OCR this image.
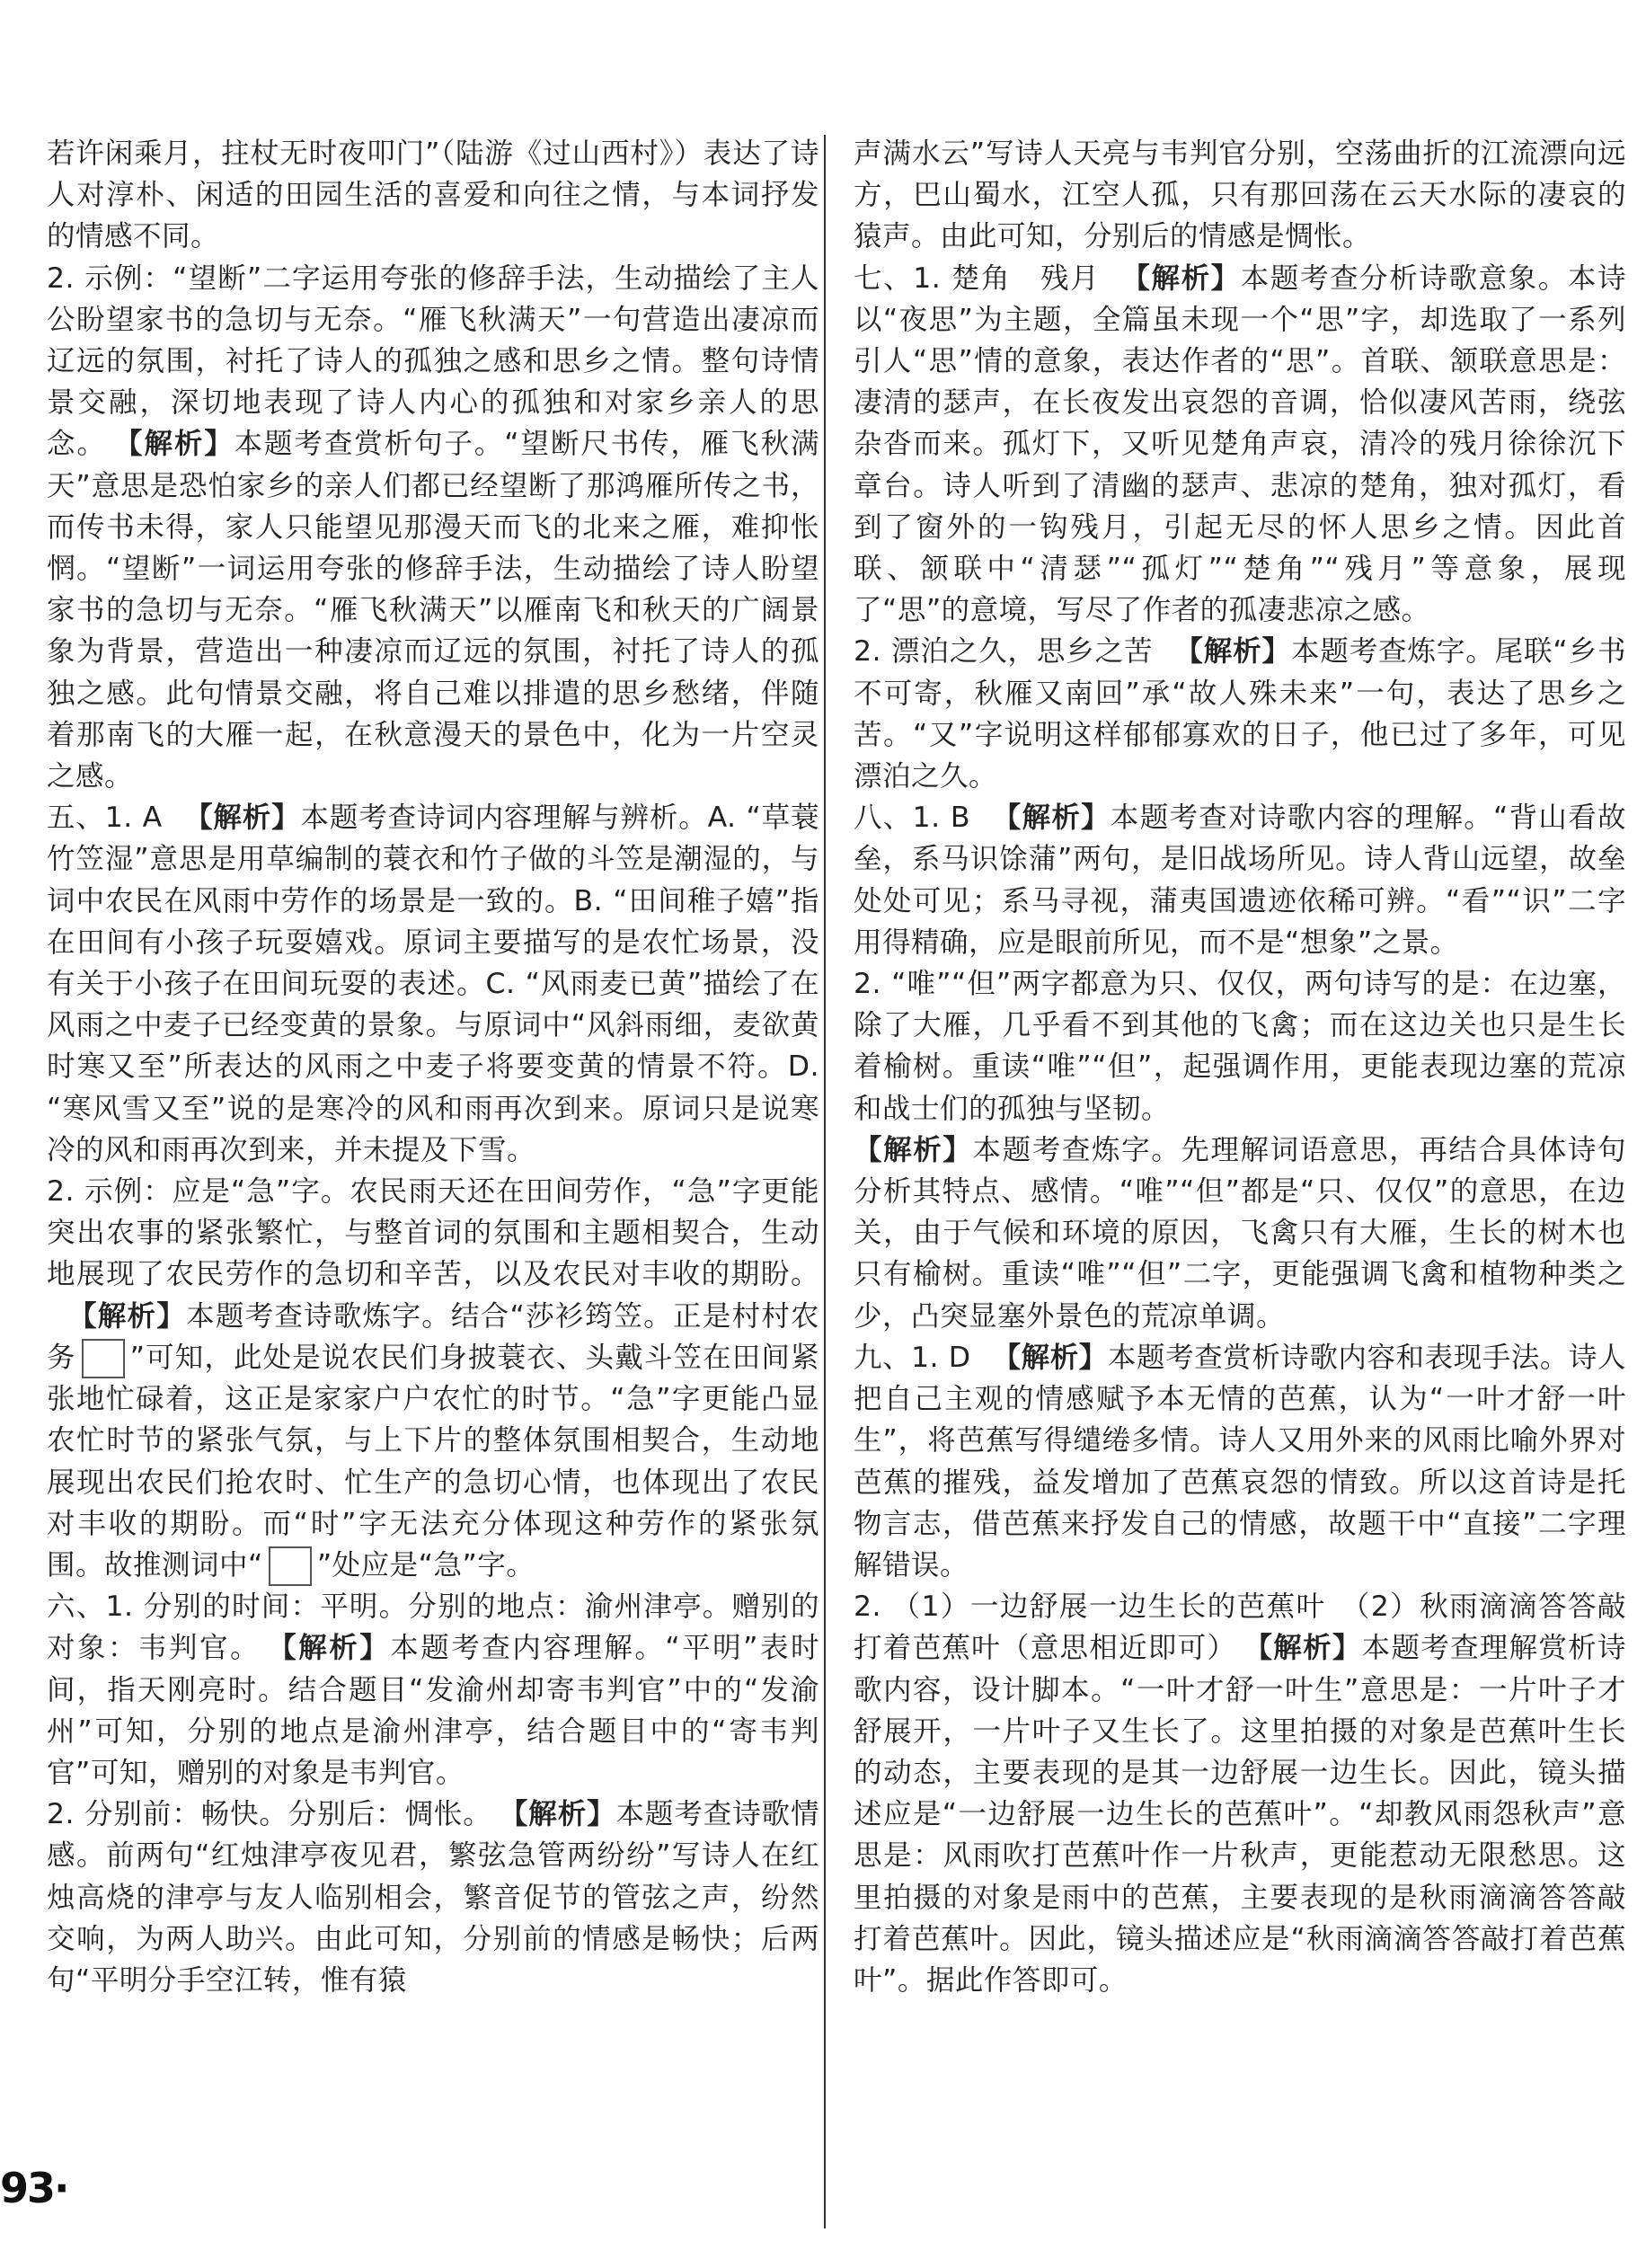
若许闲乘月，拄杖无时夜叩门”（陆游《过山西村》）表达了诗人对淳朴、闲适的田园生活的喜爱和向往之情，与本词抒发的情感不同。

2. 示例：“望断”二字运用夸张的修辞手法，生动描绘了主人公盼望家书的急切与无奈。“雁飞秋满天”一句营造出凄凉而辽远的氛围，衬托了诗人的孤独之感和思乡之情。整句诗情景交融，深切地表现了诗人内心的孤独和对家乡亲人的思念。 【解析】本题考查赏析句子。“望断尺书传，雁飞秋满天”意思是恐怕家乡的亲人们都已经望断了那鸿雁所传之书，而传书未得，家人只能望见那漫天而飞的北来之雁，难抑怅惘。“望断”一词运用夸张的修辞手法，生动描绘了诗人盼望家书的急切与无奈。“雁飞秋满天”以雁南飞和秋天的广阔景象为背景，营造出一种凄凉而辽远的氛围，衬托了诗人的孤独之感。此句情景交融，将自己难以排遣的思乡愁绪，伴随着那南飞的大雁一起，在秋意漫天的景色中，化为一片空灵之感。

五、1. A 【解析】本题考查诗词内容理解与辨析。A. “草蓑竹笠湿”意思是用草编制的蓑衣和竹子做的斗笠是潮湿的，与词中农民在风雨中劳作的场景是一致的。B. “田间稚子嬉”指在田间有小孩子玩耍嬉戏。原词主要描写的是农忙场景，没有关于小孩子在田间玩耍的表述。C. “风雨麦已黄”描绘了在风雨之中麦子已经变黄的景象。与原词中“风斜雨细，麦欲黄时寒又至”所表达的风雨之中麦子将要变黄的情景不符。D. “寒风雪又至”说的是寒冷的风和雨再次到来。原词只是说寒冷的风和雨再次到来，并未提及下雪。

2. 示例：应是“急”字。农民雨天还在田间劳作，“急”字更能突出农事的紧张繁忙，与整首词的氛围和主题相契合，生动地展现了农民劳作的急切和辛苦，以及农民对丰收的期盼。【解析】本题考查诗歌炼字。结合“莎衫筠笠。正是村村农务 ”可知，此处是说农民们身披蓑衣、头戴斗笠在田间紧张地忙碌着，这正是家家户户农忙的时节。“急”字更能凸显农忙时节的紧张气氛，与上下片的整体氛围相契合，生动地展现出农民们抢农时、忙生产的急切心情，也体现出了农民对丰收的期盼。而“时”字无法充分体现这种劳作的紧张氛围。故推测词中“ ”处应是“急”字。

六、1. 分别的时间：平明。分别的地点：渝州津亭。赠别的对象：韦判官。 【解析】本题考查内容理解。“平明”表时间，指天刚亮时。结合题目“发渝州却寄韦判官”中的“发渝州”可知，分别的地点是渝州津亭，结合题目中的“寄韦判官”可知，赠别的对象是韦判官。

2. 分别前：畅快。分别后：惆怅。 【解析】本题考查诗歌情感。前两句“红烛津亭夜见君，繁弦急管两纷纷”写诗人在红烛高烧的津亭与友人临别相会，繁音促节的管弦之声，纷然交响，为两人助兴。由此可知，分别前的情感是畅快；后两句“平明分手空江转，惟有猿

声满水云”写诗人天亮与韦判官分别，空荡曲折的江流漂向远方，巴山蜀水，江空人孤，只有那回荡在云天水际的凄哀的猿声。由此可知，分别后的情感是惆怅。

七、1. 楚角　残月 【解析】本题考查分析诗歌意象。本诗以“夜思”为主题，全篇虽未现一个“思”字，却选取了一系列引人“思”情的意象，表达作者的“思”。首联、颔联意思是：凄清的瑟声，在长夜发出哀怨的音调，恰似凄风苦雨，绕弦杂沓而来。孤灯下，又听见楚角声哀，清冷的残月徐徐沉下章台。诗人听到了清幽的瑟声、悲凉的楚角，独对孤灯，看到了窗外的一钩残月，引起无尽的怀人思乡之情。因此首联、颔联中“清瑟”“孤灯”“楚角”“残月”等意象，展现了“思”的意境，写尽了作者的孤凄悲凉之感。

2. 漂泊之久，思乡之苦 【解析】本题考查炼字。尾联“乡书不可寄，秋雁又南回”承“故人殊未来”一句，表达了思乡之苦。“又”字说明这样郁郁寡欢的日子，他已过了多年，可见漂泊之久。

八、1. B 【解析】本题考查对诗歌内容的理解。“背山看故垒，系马识馀蒲”两句，是旧战场所见。诗人背山远望，故垒处处可见；系马寻视，蒲夷国遗迹依稀可辨。“看”“识”二字用得精确，应是眼前所见，而不是“想象”之景。

2. “唯”“但”两字都意为只、仅仅，两句诗写的是：在边塞，除了大雁，几乎看不到其他的飞禽；而在这边关也只是生长着榆树。重读“唯”“但”，起强调作用，更能表现边塞的荒凉和战士们的孤独与坚韧。

【解析】本题考查炼字。先理解词语意思，再结合具体诗句分析其特点、感情。“唯”“但”都是“只、仅仅”的意思，在边关，由于气候和环境的原因，飞禽只有大雁，生长的树木也只有榆树。重读“唯”“但”二字，更能强调飞禽和植物种类之少，凸突显塞外景色的荒凉单调。

九、1. D 【解析】本题考查赏析诗歌内容和表现手法。诗人把自己主观的情感赋予本无情的芭蕉，认为“一叶才舒一叶生”，将芭蕉写得缱绻多情。诗人又用外来的风雨比喻外界对芭蕉的摧残，益发增加了芭蕉哀怨的情致。所以这首诗是托物言志，借芭蕉来抒发自己的情感，故题干中“直接”二字理解错误。

2. （1）一边舒展一边生长的芭蕉叶　（2）秋雨滴滴答答敲打着芭蕉叶（意思相近即可） 【解析】本题考查理解赏析诗歌内容，设计脚本。“一叶才舒一叶生”意思是：一片叶子才舒展开，一片叶子又生长了。这里拍摄的对象是芭蕉叶生长的动态，主要表现的是其一边舒展一边生长。因此，镜头描述应是“一边舒展一边生长的芭蕉叶”。“却教风雨怨秋声”意思是：风雨吹打芭蕉叶作一片秋声，更能惹动无限愁思。这里拍摄的对象是雨中的芭蕉，主要表现的是秋雨滴滴答答敲打着芭蕉叶。因此，镜头描述应是“秋雨滴滴答答敲打着芭蕉叶”。据此作答即可。

93·
